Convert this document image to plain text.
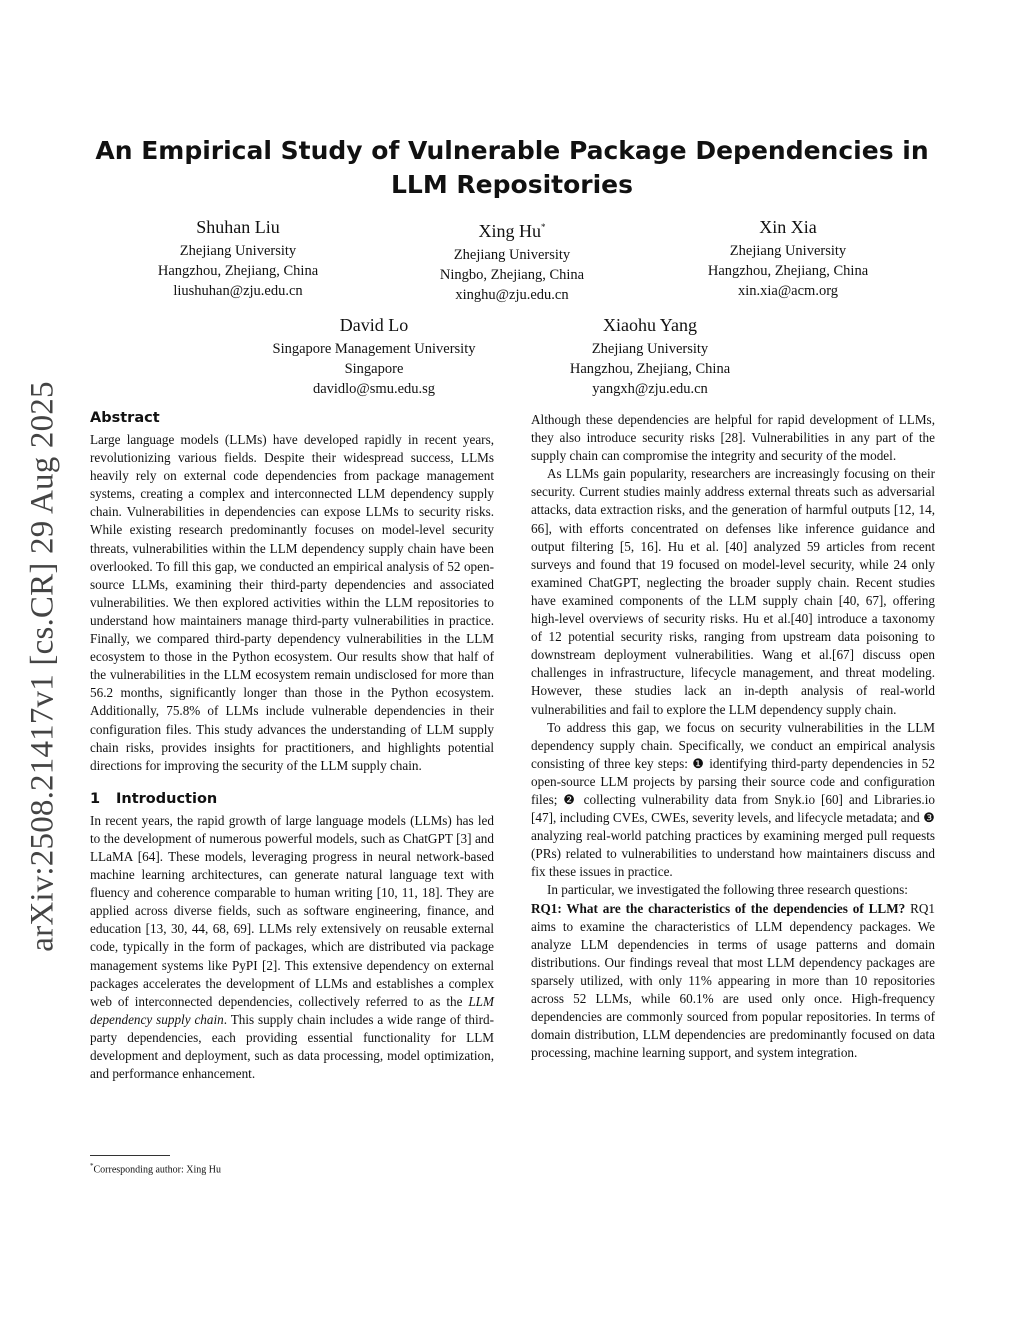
arXiv:2508.21417v1 [cs.CR] 29 Aug 2025
An Empirical Study of Vulnerable Package Dependencies in LLM Repositories
Shuhan Liu
Zhejiang University
Hangzhou, Zhejiang, China
liushuhan@zju.edu.cn
Xing Hu*
Zhejiang University
Ningbo, Zhejiang, China
xinghu@zju.edu.cn
Xin Xia
Zhejiang University
Hangzhou, Zhejiang, China
xin.xia@acm.org
David Lo
Singapore Management University
Singapore
davidlo@smu.edu.sg
Xiaohu Yang
Zhejiang University
Hangzhou, Zhejiang, China
yangxh@zju.edu.cn
Abstract

Large language models (LLMs) have developed rapidly in recent years, revolutionizing various fields. Despite their widespread success, LLMs heavily rely on external code dependencies from package management systems, creating a complex and interconnected LLM dependency supply chain. Vulnerabilities in dependencies can expose LLMs to security risks. While existing research predominantly focuses on model-level security threats, vulnerabilities within the LLM dependency supply chain have been overlooked. To fill this gap, we conducted an empirical analysis of 52 open-source LLMs, examining their third-party dependencies and associated vulnerabilities. We then explored activities within the LLM repositories to understand how maintainers manage third-party vulnerabilities in practice. Finally, we compared third-party dependency vulnerabilities in the LLM ecosystem to those in the Python ecosystem. Our results show that half of the vulnerabilities in the LLM ecosystem remain undisclosed for more than 56.2 months, significantly longer than those in the Python ecosystem. Additionally, 75.8% of LLMs include vulnerable dependencies in their configuration files. This study advances the understanding of LLM supply chain risks, provides insights for practitioners, and highlights potential directions for improving the security of the LLM supply chain.

1 Introduction

In recent years, the rapid growth of large language models (LLMs) has led to the development of numerous powerful models, such as ChatGPT [3] and LLaMA [64]. These models, leveraging progress in neural network-based machine learning architectures, can generate natural language text with fluency and coherence comparable to human writing [10, 11, 18]. They are applied across diverse fields, such as software engineering, finance, and education [13, 30, 44, 68, 69]. LLMs rely extensively on reusable external code, typically in the form of packages, which are distributed via package management systems like PyPI [2]. This extensive dependency on external packages accelerates the development of LLMs and establishes a complex web of interconnected dependencies, collectively referred to as the LLM dependency supply chain. This supply chain includes a wide range of third-party dependencies, each providing essential functionality for LLM development and deployment, such as data processing, model optimization, and performance enhancement.

*Corresponding author: Xing Hu

Although these dependencies are helpful for rapid development of LLMs, they also introduce security risks [28]. Vulnerabilities in any part of the supply chain can compromise the integrity and security of the model.

As LLMs gain popularity, researchers are increasingly focusing on their security. Current studies mainly address external threats such as adversarial attacks, data extraction risks, and the generation of harmful outputs [12, 14, 66], with efforts concentrated on defenses like inference guidance and output filtering [5, 16]. Hu et al. [40] analyzed 59 articles from recent surveys and found that 19 focused on model-level security, while 24 only examined ChatGPT, neglecting the broader supply chain. Recent studies have examined components of the LLM supply chain [40, 67], offering high-level overviews of security risks. Hu et al.[40] introduce a taxonomy of 12 potential security risks, ranging from upstream data poisoning to downstream deployment vulnerabilities. Wang et al.[67] discuss open challenges in infrastructure, lifecycle management, and threat modeling. However, these studies lack an in-depth analysis of real-world vulnerabilities and fail to explore the LLM dependency supply chain.

To address this gap, we focus on security vulnerabilities in the LLM dependency supply chain. Specifically, we conduct an empirical analysis consisting of three key steps: ❶ identifying third-party dependencies in 52 open-source LLM projects by parsing their source code and configuration files; ❷ collecting vulnerability data from Snyk.io [60] and Libraries.io [47], including CVEs, CWEs, severity levels, and lifecycle metadata; and ❸ analyzing real-world patching practices by examining merged pull requests (PRs) related to vulnerabilities to understand how maintainers discuss and fix these issues in practice.

In particular, we investigated the following three research questions:

RQ1: What are the characteristics of the dependencies of LLM? RQ1 aims to examine the characteristics of LLM dependency packages. We analyze LLM dependencies in terms of usage patterns and domain distributions. Our findings reveal that most LLM dependency packages are sparsely utilized, with only 11% appearing in more than 10 repositories across 52 LLMs, while 60.1% are used only once. High-frequency dependencies are commonly sourced from popular repositories. In terms of domain distribution, LLM dependencies are predominantly focused on data processing, machine learning support, and system integration.
